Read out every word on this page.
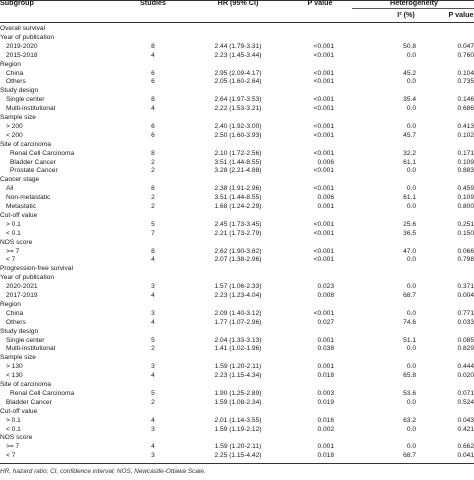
Subgroup	Studies	HR (95% CI)	P value	Heterogeneity
I² (%)	P value
Overall survival
Year of publication
2019-2020	8	2.44 (1.79-3.31)	<0.001	50.8	0.047
2015-2018	4	2.23 (1.45-3.44)	<0.001	0.0	0.760
Region
China	6	2.95 (2.09-4.17)	<0.001	45.2	0.104
Others	6	2.05 (1.60-2.64)	<0.001	0.0	0.735
Study design
Single center	8	2.64 (1.97-3.53)	<0.001	35.4	0.146
Multi-institutional	4	2.22 (1.53-3.21)	<0.001	0.0	0.686
Sample size
> 200	6	2.40 (1.92-3.00)	<0.001	0.0	0.413
< 200	6	2.50 (1.60-3.93)	<0.001	45.7	0.102
Site of carcinoma
Renal Cell Carcinoma	8	2.10 (1.72-2.56)	<0.001	32.2	0.171
Bladder Cancer	2	3.51 (1.44-8.55)	0.006	61.1	0.109
Prostate Cancer	2	3.28 (2.21-4.88)	<0.001	0.0	0.883
Cancer stage
All	8	2.38 (1.91-2.96)	<0.001	0.0	0.459
Non-metastatic	2	3.51 (1.44-8.55)	0.006	61.1	0.109
Metastatic	2	1.68 (1.24-2.29)	0.001	0.0	0.800
Cut-off value
> 0.1	5	2.45 (1.73-3.45)	<0.001	25.6	0.251
< 0.1	7	2.21 (1.73-2.79)	<0.001	36.5	0.150
NOS score
>= 7	8	2.62 (1.90-3.62)	<0.001	47.0	0.066
< 7	4	2.07 (1.38-2.96)	<0.001	0.0	0.798
Progression-free survival
Year of publication
2020-2021	3	1.57 (1.06-2.33)	0.023	0.0	0.371
2017-2019	4	2.23 (1.23-4.04)	0.008	68.7	0.004
Region
China	3	2.09 (1.40-3.12)	<0.001	0.0	0.771
Others	4	1.77 (1.07-2.96)	0.027	74.6	0.033
Study design
Single center	5	2.04 (1.33-3.13)	0.001	51.1	0.085
Multi-institutional	2	1.41 (1.02-1.96)	0.038	0.0	0.829
Sample size
> 130	3	1.59 (1.20-2.11)	0.001	0.0	0.444
< 130	4	2.23 (1.15-4.34)	0.018	65.8	0.020
Site of carcinoma
Renal Cell Carcinoma	5	1.90 (1.25-2.89)	0.003	53.6	0.071
Bladder Cancer	2	1.59 (1.08-2.34)	0.019	0.0	0.524
Cut-off value
> 0.1	4	2.01 (1.14-3.55)	0.016	63.2	0.043
< 0.1	3	1.59 (1.19-2.12)	0.002	0.0	0.421
NOS score
>= 7	4	1.59 (1.20-2.11)	0.001	0.0	0.662
< 7	3	2.25 (1.15-4.42)	0.018	68.7	0.041
HR, hazard ratio; CI, confidence interval; NOS, Newcastle-Ottawa Scale.
